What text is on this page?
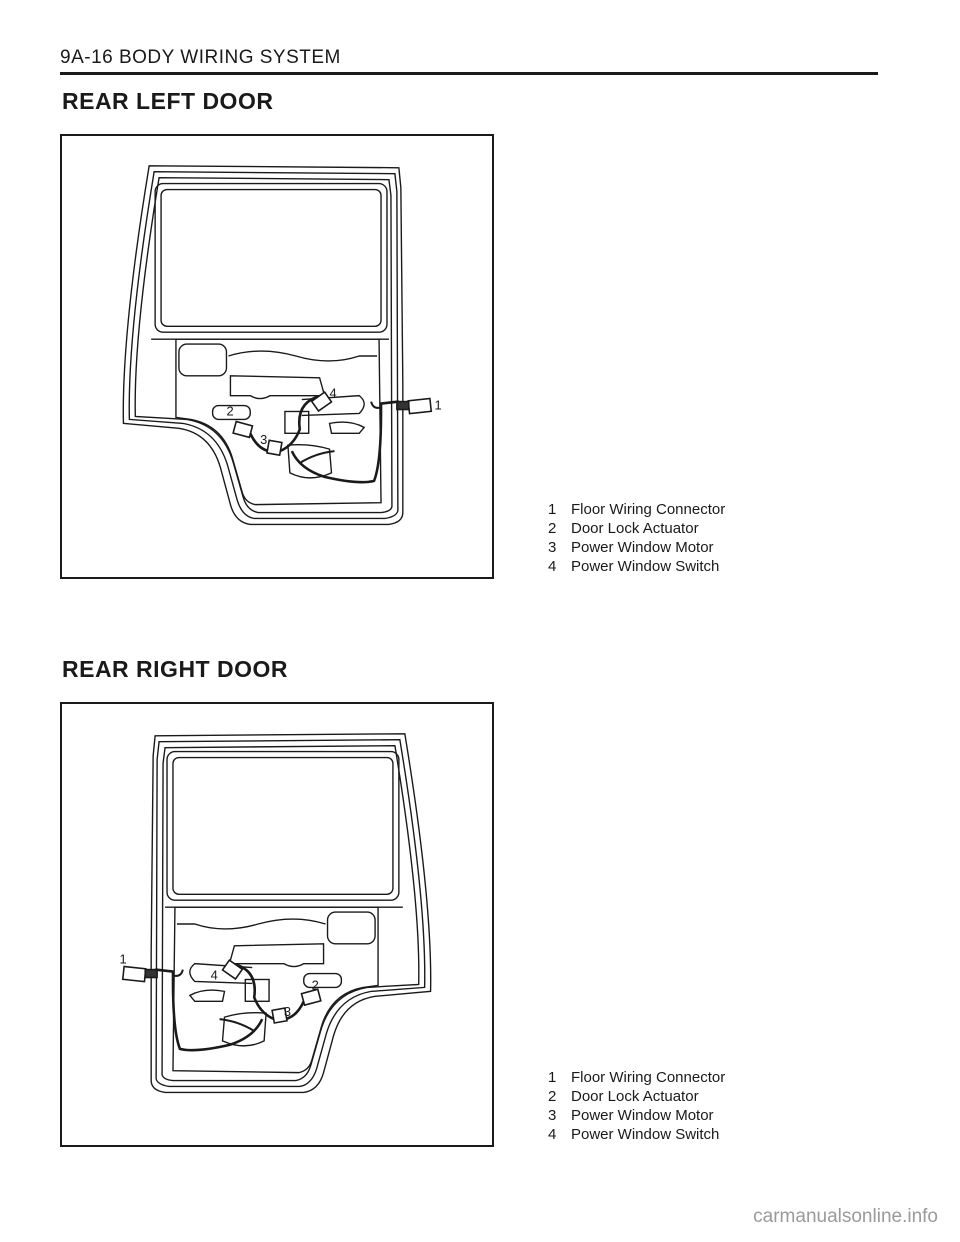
9A-16 BODY WIRING SYSTEM
REAR LEFT DOOR
1
2
3
4
1 Floor Wiring Connector
2 Door Lock Actuator
3 Power Window Motor
4 Power Window Switch
REAR RIGHT DOOR
1
2
3
4
1 Floor Wiring Connector
2 Door Lock Actuator
3 Power Window Motor
4 Power Window Switch
carmanualsonline.info
